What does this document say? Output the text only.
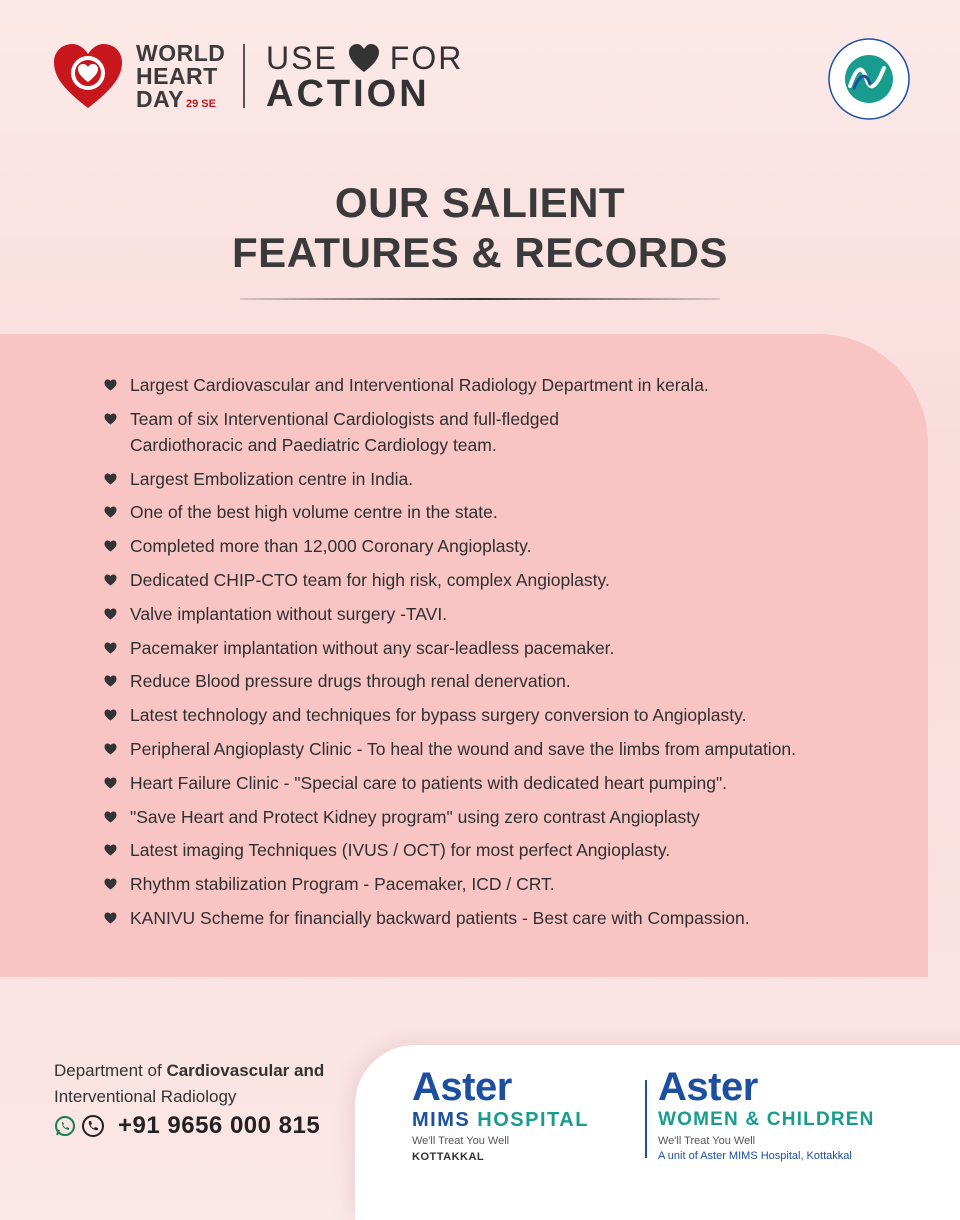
WORLD
HEART
DAY 29 SE
USE FOR
ACTION
OUR SALIENT
FEATURES & RECORDS
Largest Cardiovascular and Interventional Radiology Department in kerala.
Team of six Interventional Cardiologists and full-fledged
Cardiothoracic and Paediatric Cardiology team.
Largest Embolization centre in India.
One of the best high volume centre in the state.
Completed more than 12,000 Coronary Angioplasty.
Dedicated CHIP-CTO team for high risk, complex Angioplasty.
Valve implantation without surgery -TAVI.
Pacemaker implantation without any scar-leadless pacemaker.
Reduce Blood pressure drugs through renal denervation.
Latest technology and techniques for bypass surgery conversion to Angioplasty.
Peripheral Angioplasty Clinic - To heal the wound and save the limbs from amputation.
Heart Failure Clinic - "Special care to patients with dedicated heart pumping".
"Save Heart and Protect Kidney program" using zero contrast Angioplasty
Latest imaging Techniques (IVUS / OCT) for most perfect Angioplasty.
Rhythm stabilization Program - Pacemaker, ICD / CRT.
KANIVU Scheme for financially backward patients - Best care with Compassion.
Department of Cardiovascular and
Interventional Radiology
+91 9656 000 815
Aster
MIMS HOSPITAL
We'll Treat You Well
KOTTAKKAL
Aster
WOMEN & CHILDREN
We'll Treat You Well
A unit of Aster MIMS Hospital, Kottakkal
